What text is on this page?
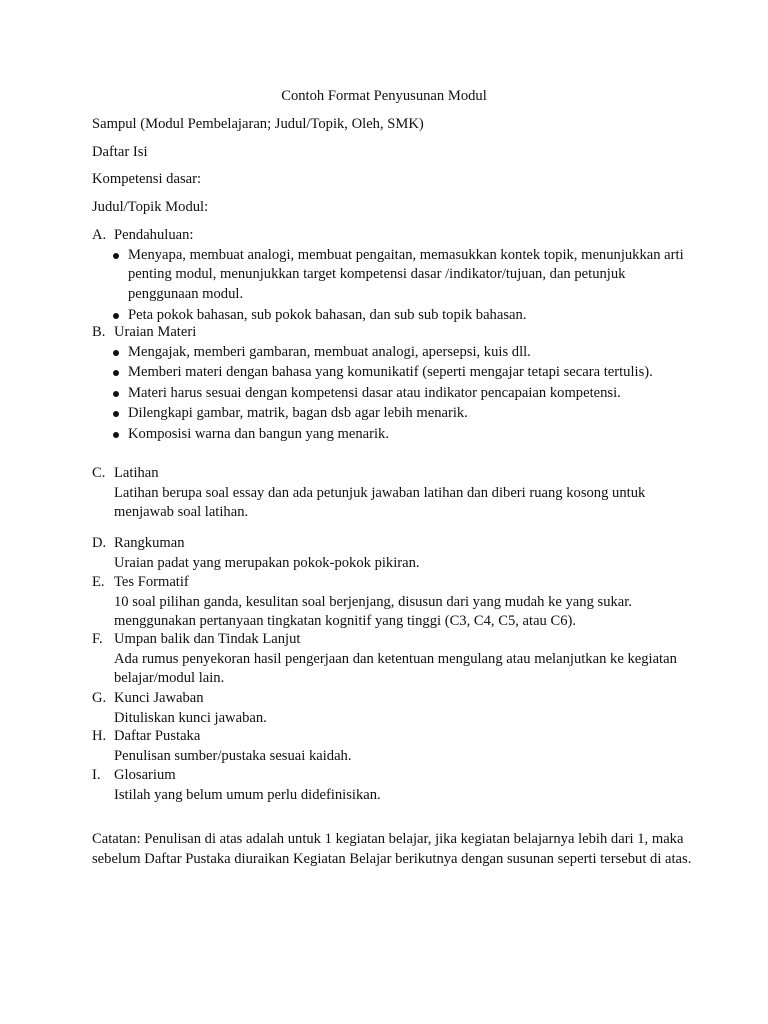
Contoh Format Penyusunan Modul
Sampul (Modul Pembelajaran; Judul/Topik, Oleh, SMK)
Daftar Isi
Kompetensi dasar:
Judul/Topik Modul:
A. Pendahuluan:
Menyapa, membuat analogi, membuat pengaitan, memasukkan kontek topik, menunjukkan arti penting modul, menunjukkan target kompetensi dasar /indikator/tujuan, dan petunjuk penggunaan modul.
Peta pokok bahasan, sub pokok bahasan, dan sub sub topik bahasan.
B. Uraian Materi
Mengajak, memberi gambaran, membuat analogi, apersepsi, kuis dll.
Memberi materi dengan bahasa yang komunikatif (seperti mengajar tetapi secara tertulis).
Materi harus sesuai dengan kompetensi dasar atau indikator pencapaian kompetensi.
Dilengkapi gambar, matrik, bagan dsb agar lebih menarik.
Komposisi warna dan bangun yang menarik.
C. Latihan
Latihan berupa soal essay dan ada petunjuk jawaban latihan dan diberi ruang kosong untuk menjawab soal latihan.
D. Rangkuman
Uraian padat yang merupakan pokok-pokok pikiran.
E. Tes Formatif
10 soal pilihan ganda, kesulitan soal berjenjang, disusun dari yang mudah ke yang sukar. menggunakan pertanyaan tingkatan kognitif yang tinggi (C3, C4, C5, atau C6).
F. Umpan balik dan Tindak Lanjut
Ada rumus penyekoran hasil pengerjaan dan ketentuan mengulang atau melanjutkan ke kegiatan belajar/modul lain.
G. Kunci Jawaban
Dituliskan kunci jawaban.
H. Daftar Pustaka
Penulisan sumber/pustaka sesuai kaidah.
I. Glosarium
Istilah yang belum umum perlu didefinisikan.
Catatan: Penulisan di atas adalah untuk 1 kegiatan belajar, jika kegiatan belajarnya lebih dari 1, maka sebelum Daftar Pustaka diuraikan Kegiatan Belajar berikutnya dengan susunan seperti tersebut di atas.
